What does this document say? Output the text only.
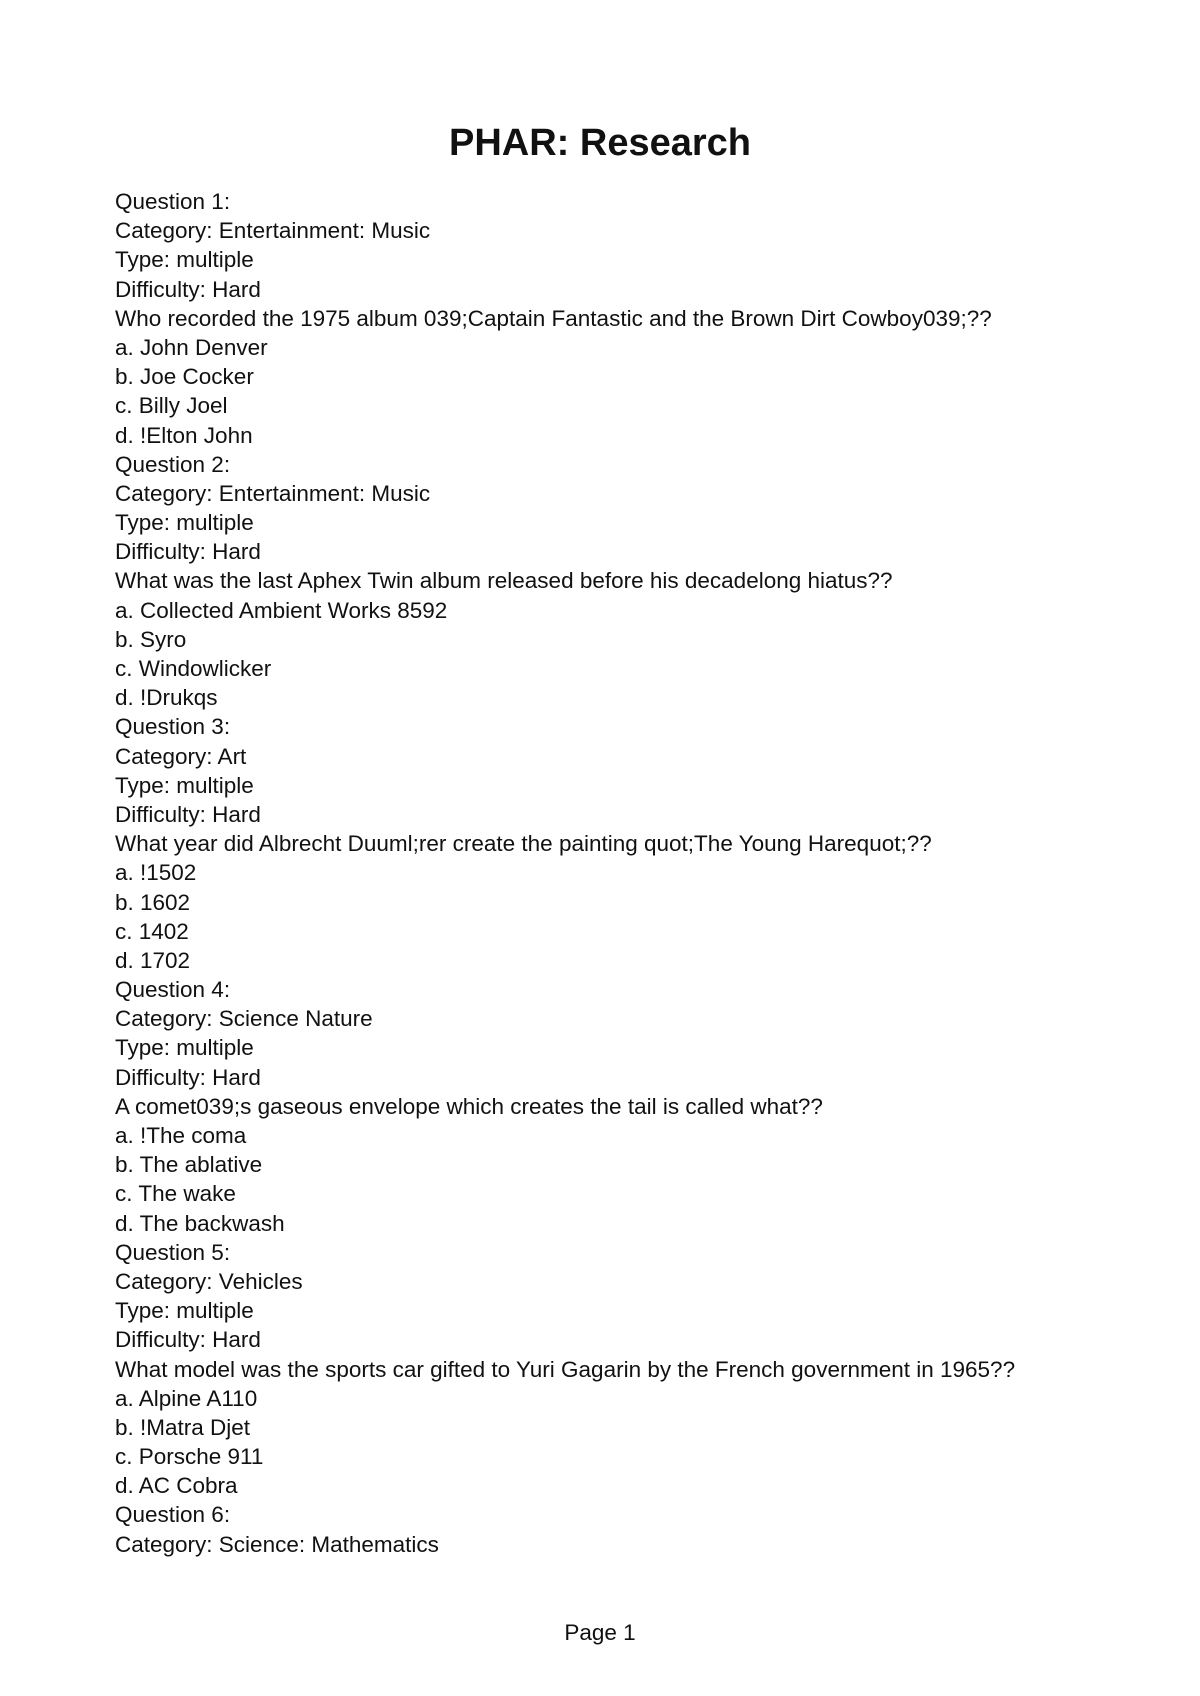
PHAR: Research
Question 1:
Category: Entertainment: Music
Type: multiple
Difficulty: Hard
Who recorded the 1975 album 039;Captain Fantastic and the Brown Dirt Cowboy039;??
a. John Denver
b. Joe Cocker
c. Billy Joel
d. !Elton John
Question 2:
Category: Entertainment: Music
Type: multiple
Difficulty: Hard
What was the last Aphex Twin album released before his decadelong hiatus??
a. Collected Ambient Works 8592
b. Syro
c. Windowlicker
d. !Drukqs
Question 3:
Category: Art
Type: multiple
Difficulty: Hard
What year did Albrecht Duuml;rer create the painting quot;The Young Harequot;??
a. !1502
b. 1602
c. 1402
d. 1702
Question 4:
Category: Science Nature
Type: multiple
Difficulty: Hard
A comet039;s gaseous envelope which creates the tail is called what??
a. !The coma
b. The ablative
c. The wake
d. The backwash
Question 5:
Category: Vehicles
Type: multiple
Difficulty: Hard
What model was the sports car gifted to Yuri Gagarin by the French government in 1965??
a. Alpine A110
b. !Matra Djet
c. Porsche 911
d. AC Cobra
Question 6:
Category: Science: Mathematics
Page 1
